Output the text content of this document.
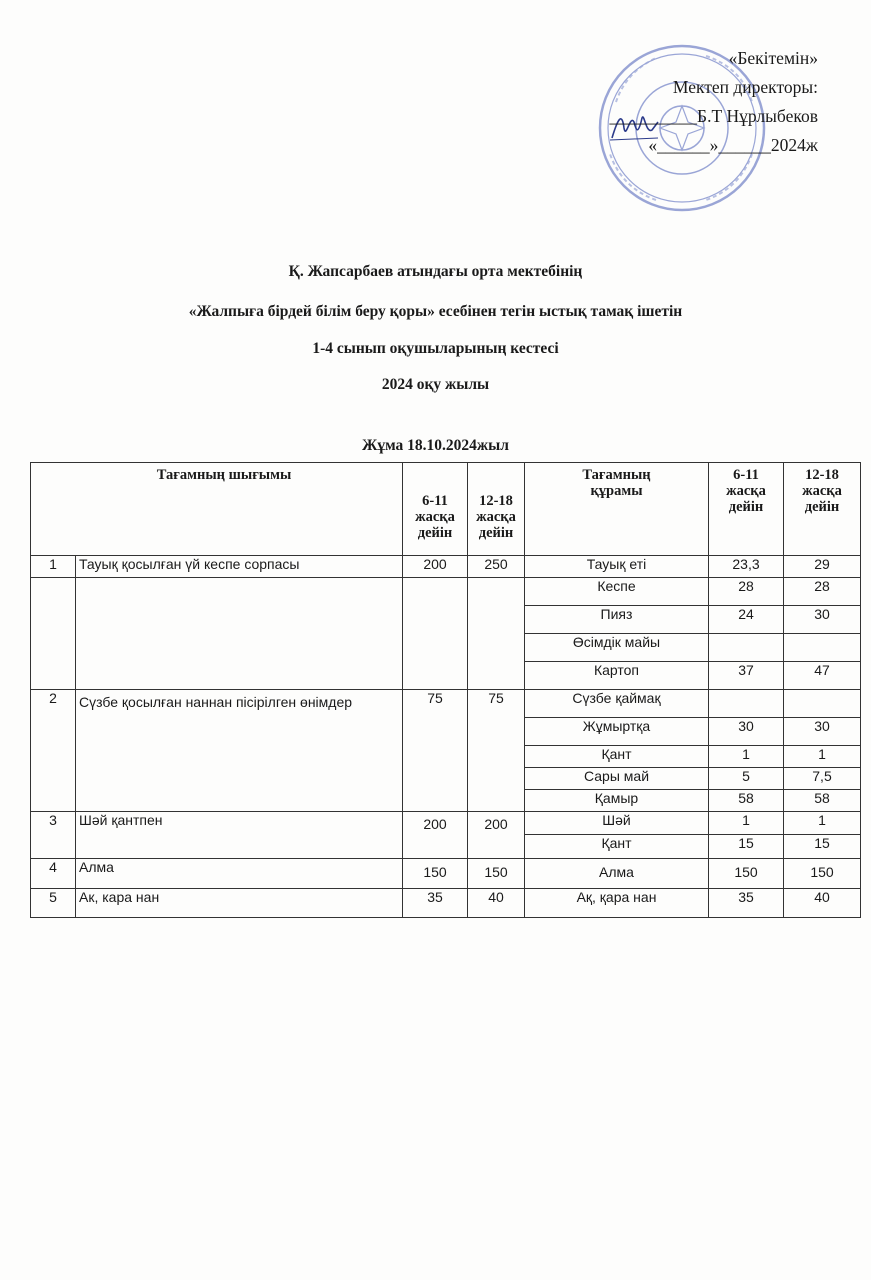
«Бекітемін»
Мектеп директоры:
__________Б.Т Нұрлыбеков
«______»______2024ж
Қ. Жапсарбаев атындағы орта мектебінің
«Жалпыға бірдей білім беру қоры» есебінен тегін ыстық тамақ ішетін
1-4 сынып оқушыларының кестесі
2024 оқу жылы
Жұма 18.10.2024жыл
Тағамның шығымы		6-11 жасқа дейін	12-18 жасқа дейін	Тағамның құрамы	6-11 жасқа дейін	12-18 жасқа дейін
1	Тауық қосылған үй кеспе сорпасы	200	250	Тауық еті	23,3	29
				Кеспе	28	28
				Пияз	24	30
				Өсімдік майы		
				Картоп	37	47
2	Сүзбе қосылған наннан пісірілген өнімдер	75	75	Сүзбе қаймақ		
				Жұмыртқа	30	30
				Қант	1	1
				Сары май	5	7,5
				Қамыр	58	58
3	Шәй қантпен	200	200	Шәй	1	1
				Қант	15	15
4	Алма	150	150	Алма	150	150
5	Ак, кара нан	35	40	Ақ, қара нан	35	40
